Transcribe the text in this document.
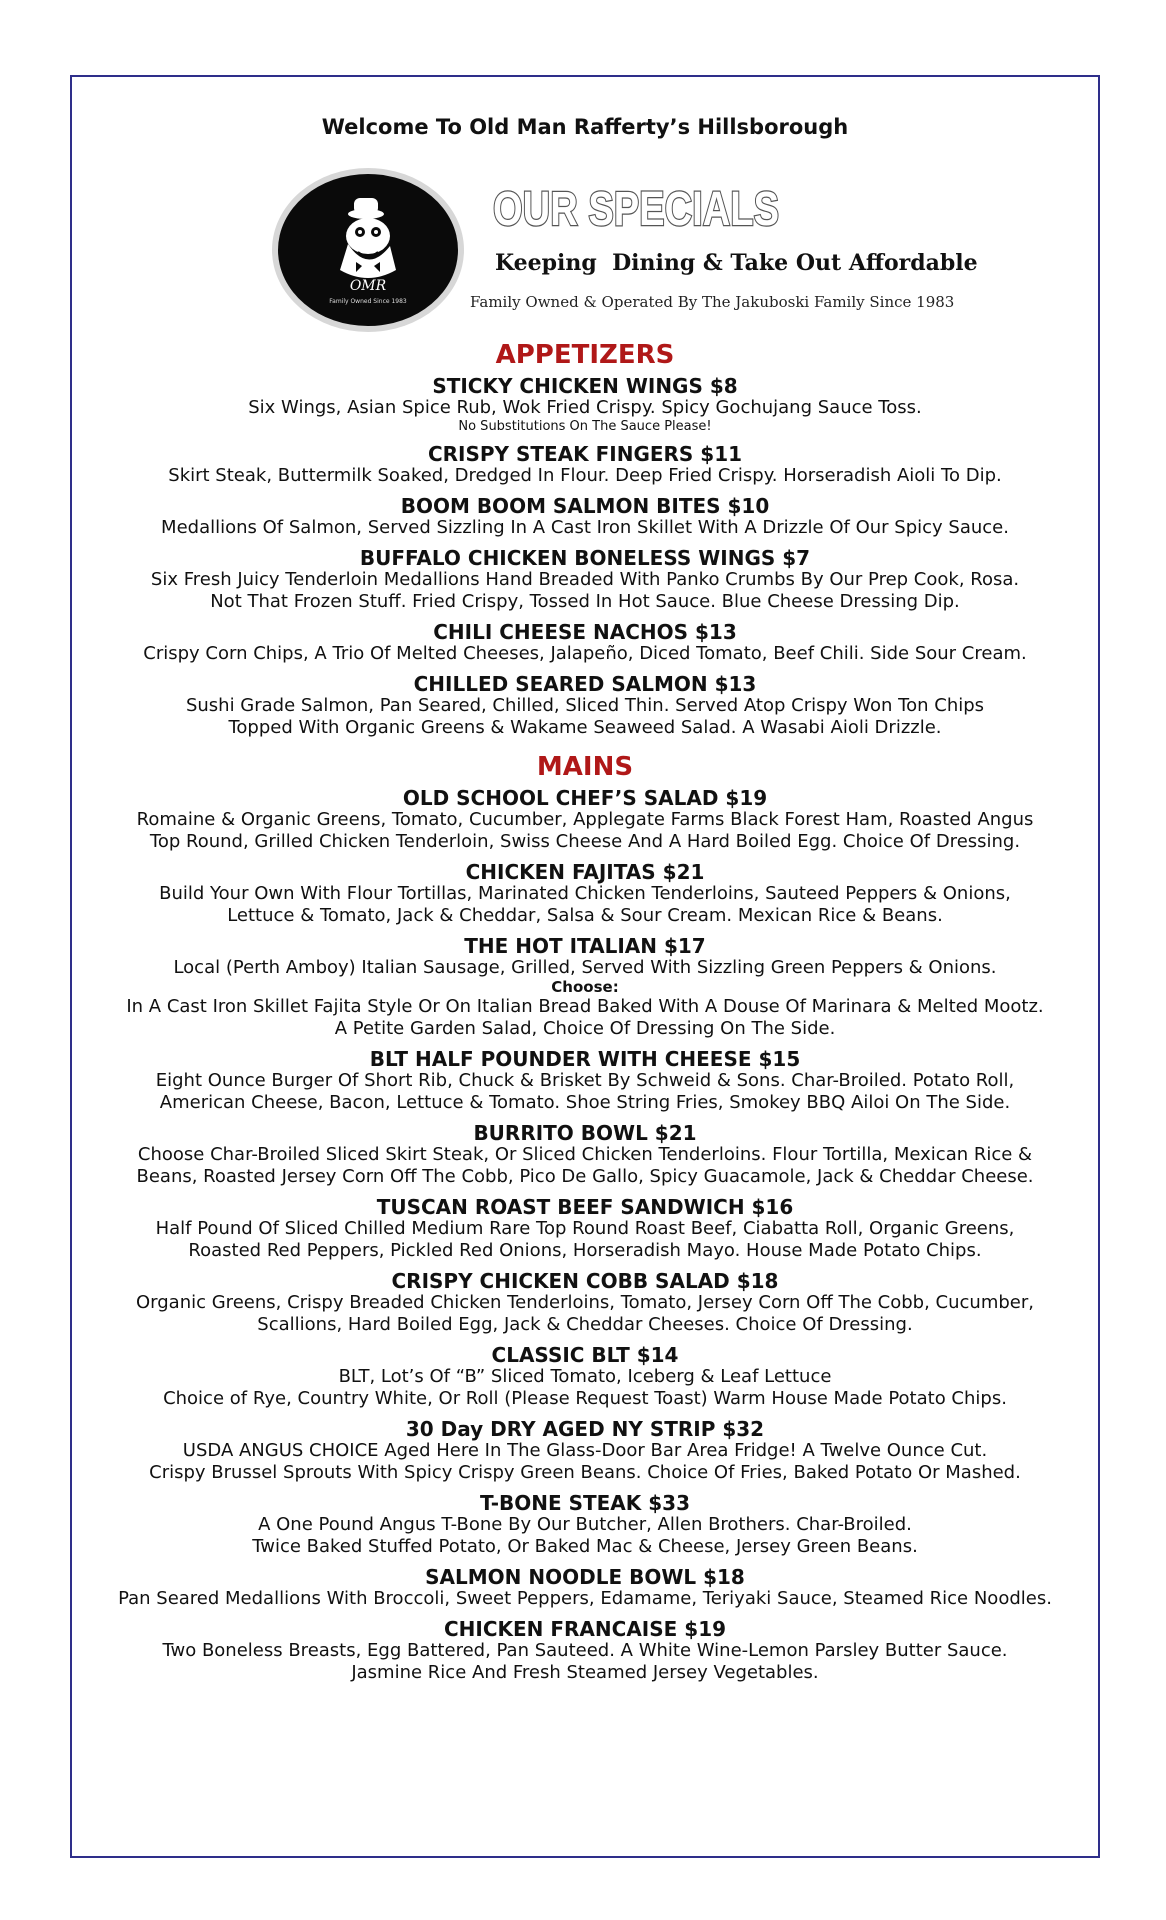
Welcome To Old Man Rafferty’s Hillsborough
OMR
Family Owned Since 1983
OUR SPECIALS
Keeping  Dining & Take Out Affordable
Family Owned & Operated By The Jakuboski Family Since 1983
APPETIZERS
STICKY CHICKEN WINGS $8
Six Wings, Asian Spice Rub, Wok Fried Crispy. Spicy Gochujang Sauce Toss.
No Substitutions On The Sauce Please!
CRISPY STEAK FINGERS $11
Skirt Steak, Buttermilk Soaked, Dredged In Flour. Deep Fried Crispy. Horseradish Aioli To Dip.
BOOM BOOM SALMON BITES $10
Medallions Of Salmon, Served Sizzling In A Cast Iron Skillet With A Drizzle Of Our Spicy Sauce.
BUFFALO CHICKEN BONELESS WINGS $7
Six Fresh Juicy Tenderloin Medallions Hand Breaded With Panko Crumbs By Our Prep Cook, Rosa.
Not That Frozen Stuff. Fried Crispy, Tossed In Hot Sauce. Blue Cheese Dressing Dip.
CHILI CHEESE NACHOS $13
Crispy Corn Chips, A Trio Of Melted Cheeses, Jalapeño, Diced Tomato, Beef Chili. Side Sour Cream.
CHILLED SEARED SALMON $13
Sushi Grade Salmon, Pan Seared, Chilled, Sliced Thin. Served Atop Crispy Won Ton Chips
Topped With Organic Greens & Wakame Seaweed Salad. A Wasabi Aioli Drizzle.
MAINS
OLD SCHOOL CHEF’S SALAD $19
Romaine & Organic Greens, Tomato, Cucumber, Applegate Farms Black Forest Ham, Roasted Angus
Top Round, Grilled Chicken Tenderloin, Swiss Cheese And A Hard Boiled Egg. Choice Of Dressing.
CHICKEN FAJITAS $21
Build Your Own With Flour Tortillas, Marinated Chicken Tenderloins, Sauteed Peppers & Onions,
Lettuce & Tomato, Jack & Cheddar, Salsa & Sour Cream. Mexican Rice & Beans.
THE HOT ITALIAN $17
Local (Perth Amboy) Italian Sausage, Grilled, Served With Sizzling Green Peppers & Onions.
Choose:
In A Cast Iron Skillet Fajita Style Or On Italian Bread Baked With A Douse Of Marinara & Melted Mootz.
A Petite Garden Salad, Choice Of Dressing On The Side.
BLT HALF POUNDER WITH CHEESE $15
Eight Ounce Burger Of Short Rib, Chuck & Brisket By Schweid & Sons. Char-Broiled. Potato Roll,
American Cheese, Bacon, Lettuce & Tomato. Shoe String Fries, Smokey BBQ Ailoi On The Side.
BURRITO BOWL $21
Choose Char-Broiled Sliced Skirt Steak, Or Sliced Chicken Tenderloins. Flour Tortilla, Mexican Rice &
Beans, Roasted Jersey Corn Off The Cobb, Pico De Gallo, Spicy Guacamole, Jack & Cheddar Cheese.
TUSCAN ROAST BEEF SANDWICH $16
Half Pound Of Sliced Chilled Medium Rare Top Round Roast Beef, Ciabatta Roll, Organic Greens,
Roasted Red Peppers, Pickled Red Onions, Horseradish Mayo. House Made Potato Chips.
CRISPY CHICKEN COBB SALAD $18
Organic Greens, Crispy Breaded Chicken Tenderloins, Tomato, Jersey Corn Off The Cobb, Cucumber,
Scallions, Hard Boiled Egg, Jack & Cheddar Cheeses. Choice Of Dressing.
CLASSIC BLT $14
BLT, Lot’s Of “B” Sliced Tomato, Iceberg & Leaf Lettuce
Choice of Rye, Country White, Or Roll (Please Request Toast) Warm House Made Potato Chips.
30 Day DRY AGED NY STRIP $32
USDA ANGUS CHOICE Aged Here In The Glass-Door Bar Area Fridge! A Twelve Ounce Cut.
Crispy Brussel Sprouts With Spicy Crispy Green Beans. Choice Of Fries, Baked Potato Or Mashed.
T-BONE STEAK $33
A One Pound Angus T-Bone By Our Butcher, Allen Brothers. Char-Broiled.
Twice Baked Stuffed Potato, Or Baked Mac & Cheese, Jersey Green Beans.
SALMON NOODLE BOWL $18
Pan Seared Medallions With Broccoli, Sweet Peppers, Edamame, Teriyaki Sauce, Steamed Rice Noodles.
CHICKEN FRANCAISE $19
Two Boneless Breasts, Egg Battered, Pan Sauteed. A White Wine-Lemon Parsley Butter Sauce.
Jasmine Rice And Fresh Steamed Jersey Vegetables.
